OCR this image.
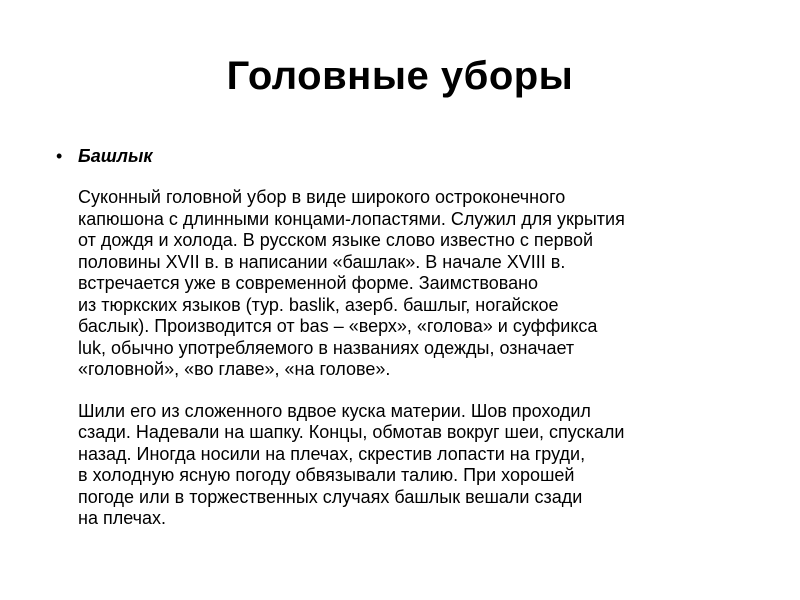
Головные уборы
• Башлык

Суконный головной убор в виде широкого остроконечного
капюшона с длинными концами-лопастями. Служил для укрытия
от дождя и холода. В русском языке слово известно с первой
половины XVII в. в написании «башлак». В начале XVIII в.
встречается уже в современной форме. Заимствовано
из тюркских языков (тур. baslik, азерб. башлыг, ногайское
баслык). Производится от bas – «верх», «голова» и суффикса
luk, обычно употребляемого в названиях одежды, означает
«головной», «во главе», «на голове».

Шили его из сложенного вдвое куска материи. Шов проходил
сзади. Надевали на шапку. Концы, обмотав вокруг шеи, спускали
назад. Иногда носили на плечах, скрестив лопасти на груди,
в холодную ясную погоду обвязывали талию. При хорошей
погоде или в торжественных случаях башлык вешали сзади
на плечах.
